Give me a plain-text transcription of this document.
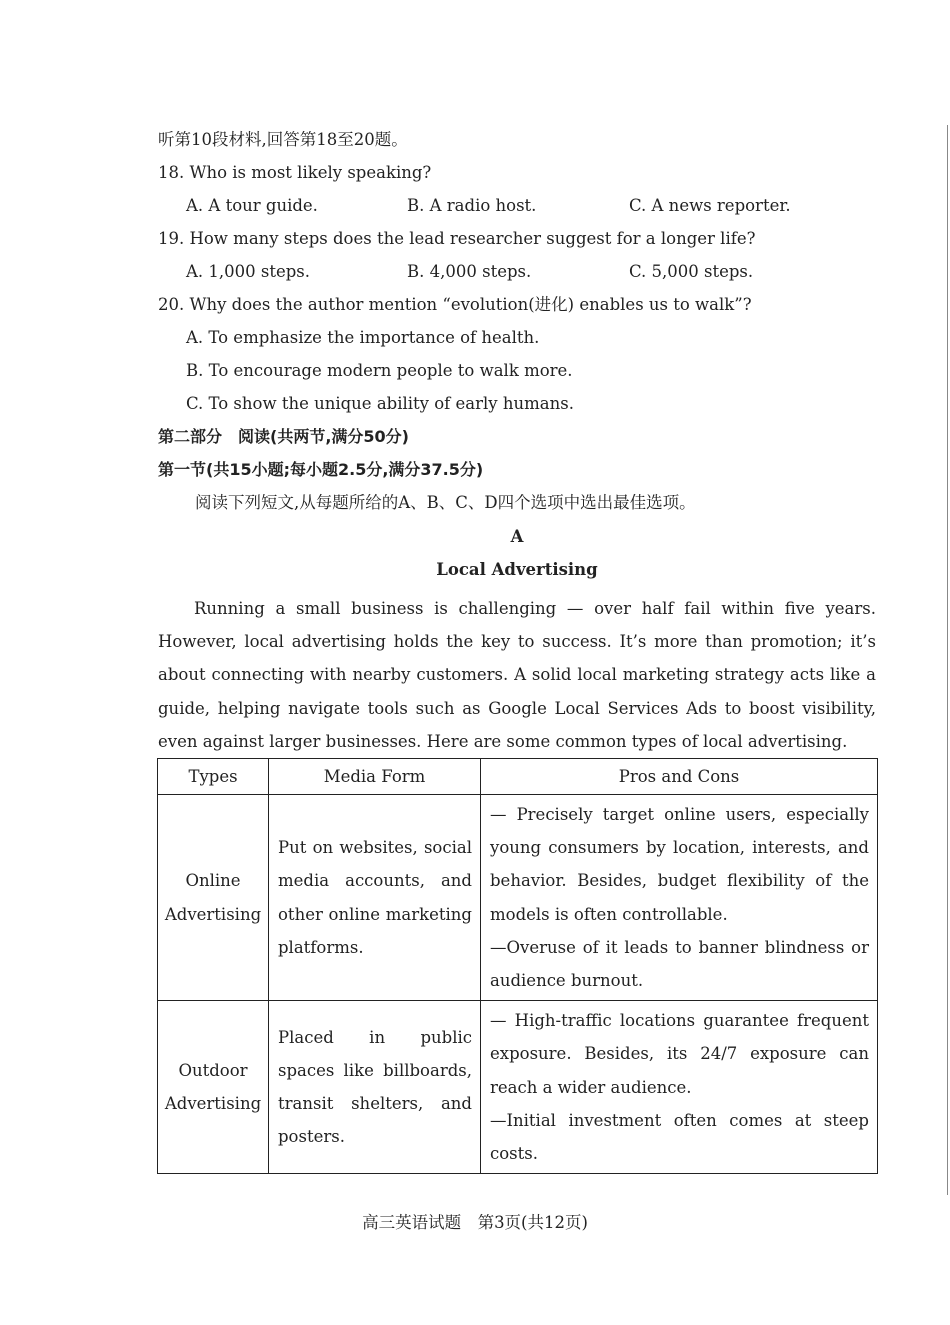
听第10段材料,回答第18至20题。
18. Who is most likely speaking?
A. A tour guide.	B. A radio host.	C. A news reporter.
19. How many steps does the lead researcher suggest for a longer life?
A. 1,000 steps.	B. 4,000 steps.	C. 5,000 steps.
20. Why does the author mention “evolution(进化) enables us to walk”?
A. To emphasize the importance of health.
B. To encourage modern people to walk more.
C. To show the unique ability of early humans.
第二部分　阅读(共两节,满分50分)
第一节(共15小题;每小题2.5分,满分37.5分)
阅读下列短文,从每题所给的A、B、C、D四个选项中选出最佳选项。
A
Local Advertising
Running a small business is challenging — over half fail within five years. However, local advertising holds the key to success. It’s more than promotion; it’s about connecting with nearby customers. A solid local marketing strategy acts like a guide, helping navigate tools such as Google Local Services Ads to boost visibility, even against larger businesses. Here are some common types of local advertising.
Types	Media Form	Pros and Cons
Online Advertising	Put on websites, social media accounts, and other online marketing platforms.	— Precisely target online users, especially young consumers by location, interests, and behavior. Besides, budget flexibility of the models is often controllable.

—Overuse of it leads to banner blindness or audience burnout.

Outdoor Advertising	Placed in public spaces like billboards, transit shelters, and posters.	— High-traffic locations guarantee frequent exposure. Besides, its 24/7 exposure can reach a wider audience.

—Initial investment often comes at steep costs.

高三英语试题　第3页(共12页)
